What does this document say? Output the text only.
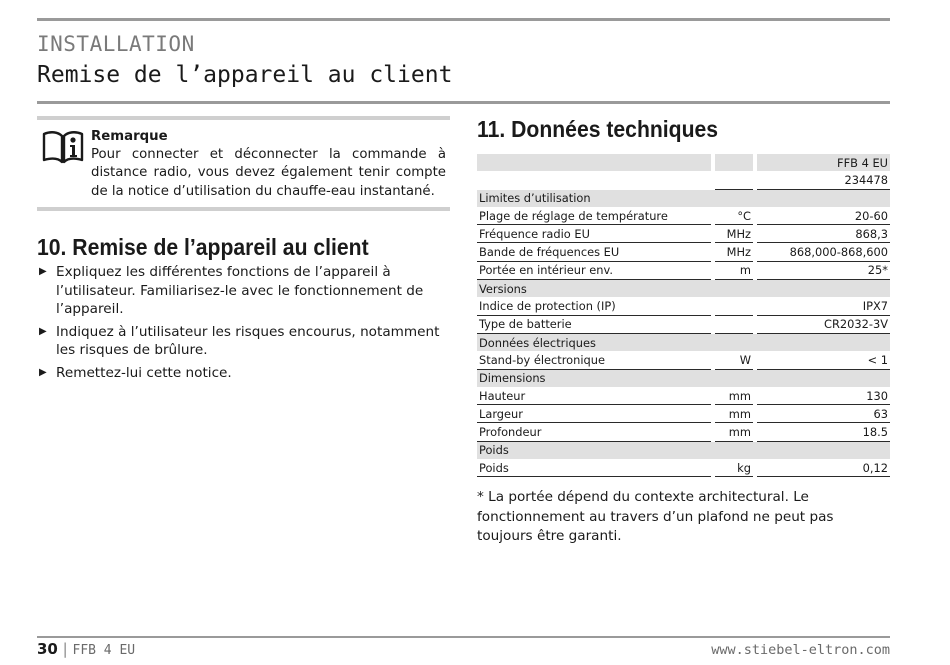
INSTALLATION
Remise de l’appareil au client
Remarque
Pour connecter et déconnecter la commande à distance radio, vous devez également tenir compte de la notice d’utilisation du chauffe-eau instantané.
10. Remise de l’appareil au client
▶ Expliquez les différentes fonctions de l’appareil à l’utilisateur. Familiarisez-le avec le fonctionnement de l’appareil.
▶ Indiquez à l’utilisateur les risques encourus, notamment les risques de brûlure.
▶ Remettez-lui cette notice.
11. Données techniques
				FFB 4 EU
				234478
Limites d’utilisation				
Plage de réglage de température		°C		20-60
Fréquence radio EU		MHz		868,3
Bande de fréquences EU		MHz		868,000-868,600
Portée en intérieur env.		m		25*
Versions				
Indice de protection (IP)				IPX7
Type de batterie				CR2032-3V
Données électriques				
Stand-by électronique		W		< 1
Dimensions				
Hauteur		mm		130
Largeur		mm		63
Profondeur		mm		18.5
Poids				
Poids		kg		0,12
* La portée dépend du contexte architectural. Le fonctionnement au travers d’un plafond ne peut pas toujours être garanti.
30 | FFB 4 EU	www.stiebel-eltron.com
